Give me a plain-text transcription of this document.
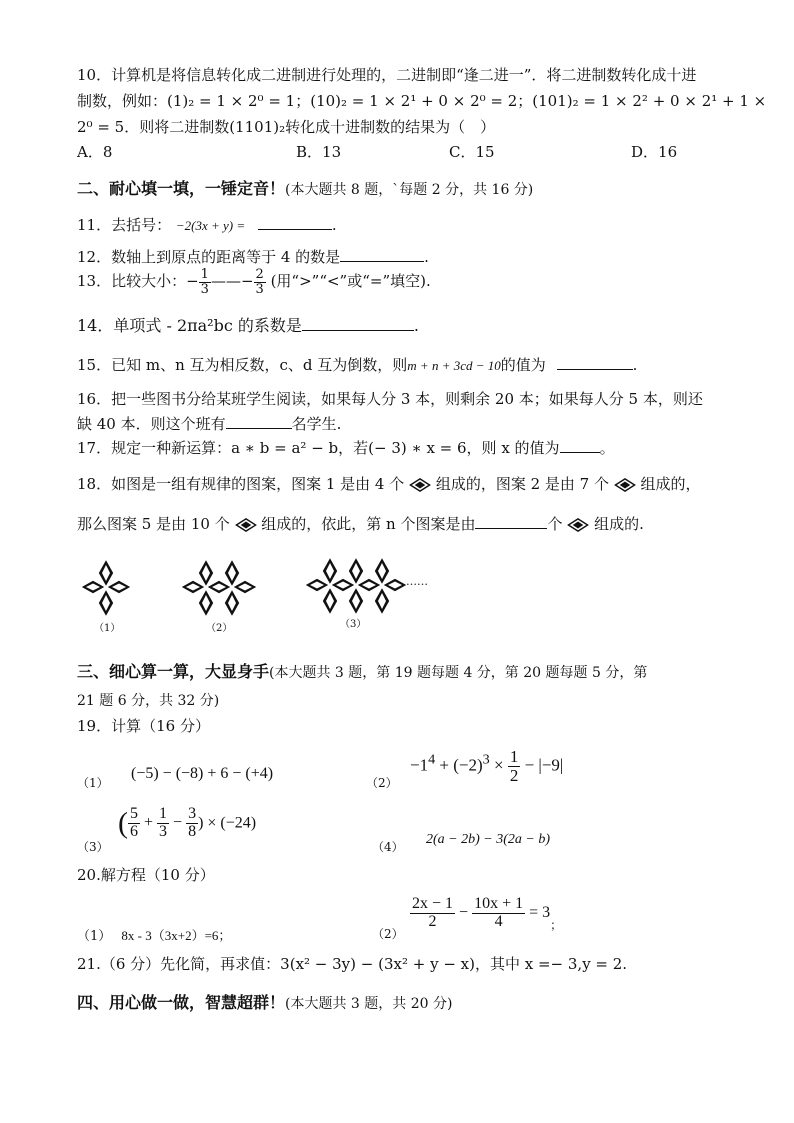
10．计算机是将信息转化成二进制进行处理的，二进制即“逢二进一”．将二进制数转化成十进
制数，例如：(1)₂ = 1 × 2⁰ = 1；(10)₂ = 1 × 2¹ + 0 × 2⁰ = 2；(101)₂ = 1 × 2² + 0 × 2¹ + 1 ×
2⁰ = 5．则将二进制数(1101)₂转化成十进制数的结果为（　）
A．8	B．13	C．15	D．16
二、耐心填一填，一锤定音！(本大题共 8 题，`每题 2 分，共 16 分)
11．去括号： −2(3x + y) =	.
12．数轴上到原点的距离等于 4 的数是	.
13．比较大小：− $\frac{1}{3}$ ——− $\frac{2}{3}$ (用“>”“<”或“=”填空).
14．单项式 - 2πa²bc 的系数是	.
15．已知 m、n 互为相反数，c、d 互为倒数，则m + n + 3cd − 10的值为	.
16．把一些图书分给某班学生阅读，如果每人分 3 本，则剩余 20 本；如果每人分 5 本，则还
缺 40 本．则这个班有	名学生.
17．规定一种新运算：a ∗ b = a² − b，若(− 3) ∗ x = 6，则 x 的值为	。
18．如图是一组有规律的图案，图案 1 是由 4 个 组成的，图案 2 是由 7 个 组成的，
那么图案 5 是由 10 个 组成的，依此，第 n 个图案是由	个 组成的.
（1）	（2）	（3）
……
三、细心算一算，大显身手(本大题共 3 题，第 19 题每题 4 分，第 20 题每题 5 分，第
21 题 6 分，共 32 分)
19．计算（16 分）
（1）
(−5) − (−8) + 6 − (+4)
（2）
$-1^4 + (-2)^3 \times \frac{1}{2} - |-9|$
（3）
( $\frac{5}{6} + \frac{1}{3} - \frac{3}{8}$ ) × (−24)
（4） 2(a − 2b) − 3(2a − b)
20.解方程（10 分）
（1） 8x - 3（3x+2）=6；	（2）
$\frac{2x - 1}{2} - \frac{10x + 1}{4} = 3_;$
21.（6 分）先化简，再求值：3(x² − 3y) − (3x² + y − x)，其中 x =− 3,y = 2.
四、用心做一做，智慧超群！(本大题共 3 题，共 20 分)
